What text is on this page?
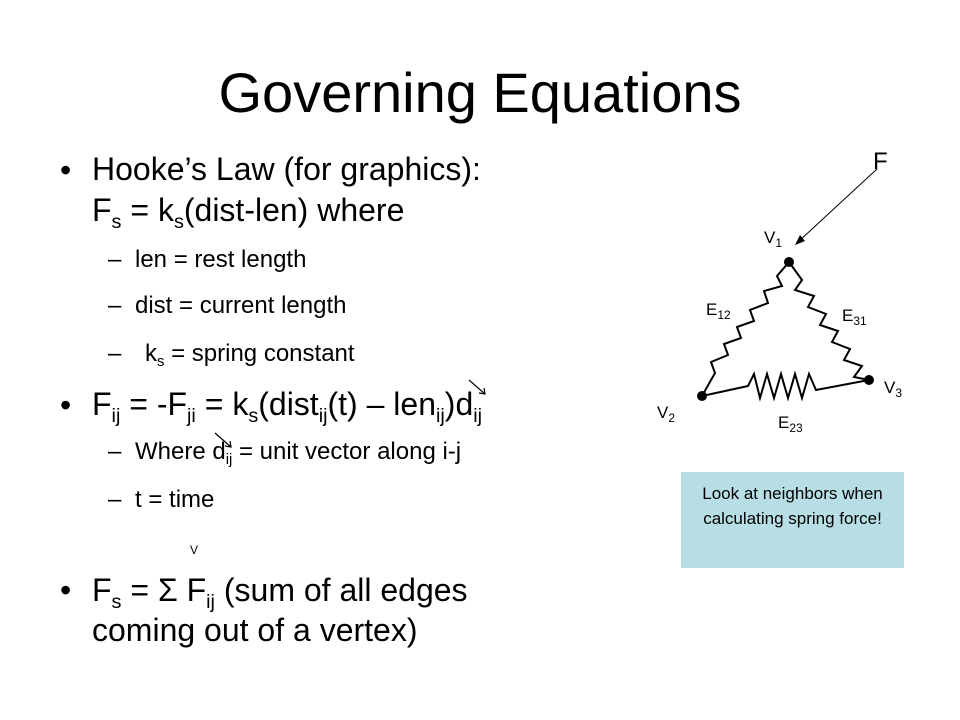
Governing Equations
• Hooke’s Law (for graphics):
$F_s$ = $k_s(dist-len)$ where
– len = rest length
– dist = current length
– $k_s$ = spring constant
• $F_{ij} = -F_{ji}$ = $k_s(dist_{ij}(t) - len_{ij})d$
$_{ij}$
– Where d
$_{ij}$ = unit vector along i-j
– t = time
V
• $F_s = \Sigma$ $F_{ij}$ (sum of all edges
coming out of a vertex)
F
$V_1$
$V_2$
$V_3$
$E_{12}$	$E_{31}$
$E_{23}$
Look at neighbors when calculating spring force!
